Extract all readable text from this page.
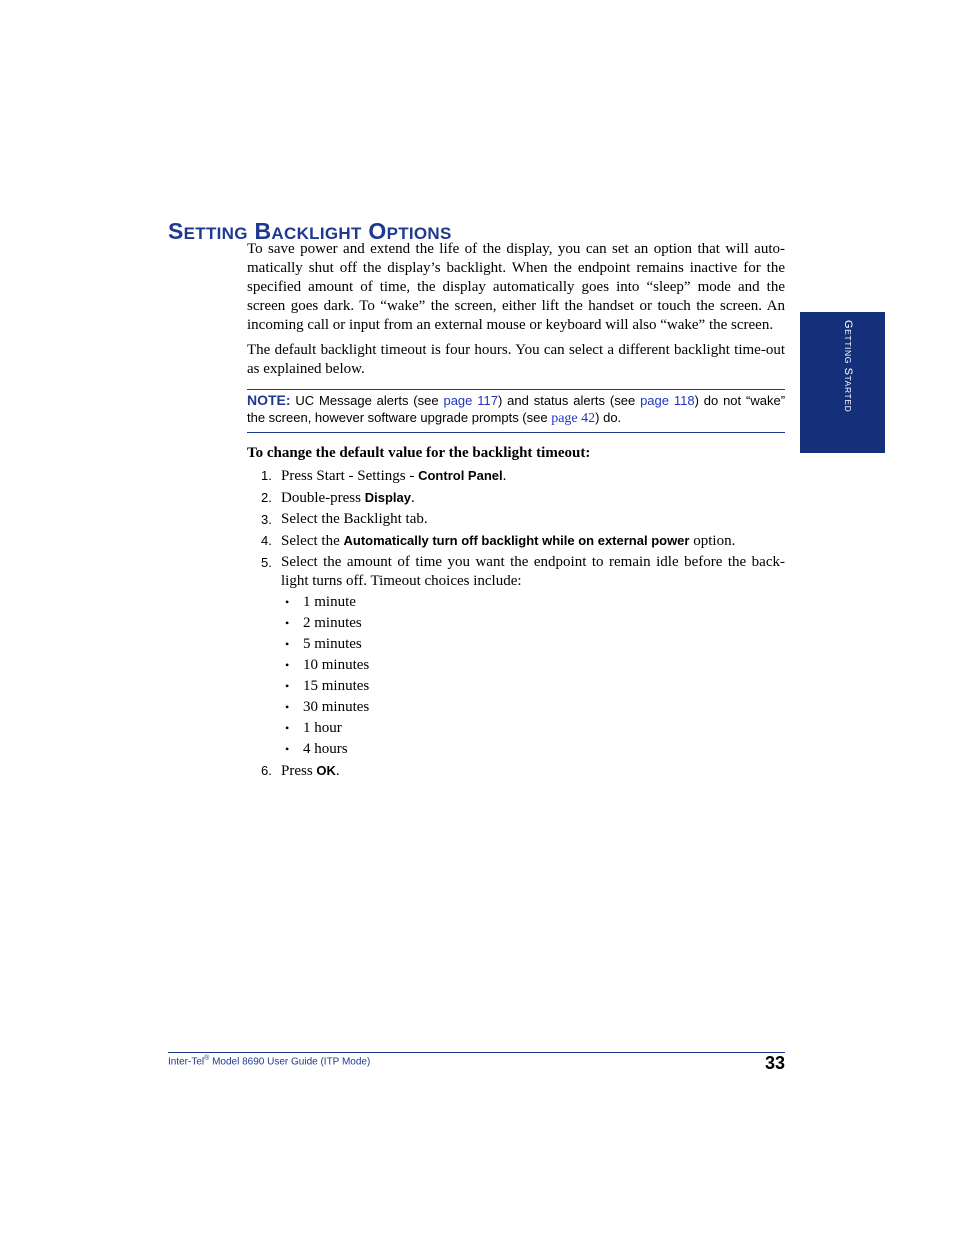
SETTING BACKLIGHT OPTIONS
GETTING STARTED

To save power and extend the life of the display, you can set an option that will auto-matically shut off the display’s backlight. When the endpoint remains inactive for the specified amount of time, the display automatically goes into “sleep” mode and the screen goes dark. To “wake” the screen, either lift the handset or touch the screen. An incoming call or input from an external mouse or keyboard will also “wake” the screen.

The default backlight timeout is four hours. You can select a different backlight time-out as explained below.

NOTE: UC Message alerts (see page 117) and status alerts (see page 118) do not “wake” the screen, however software upgrade prompts (see page 42) do.
To change the default value for the backlight timeout:
1. Press Start - Settings - Control Panel.
2. Double-press Display.
3. Select the Backlight tab.
4. Select the Automatically turn off backlight while on external power option.
5. Select the amount of time you want the endpoint to remain idle before the back-light turns off. Timeout choices include:
• 1 minute
• 2 minutes
• 5 minutes
• 10 minutes
• 15 minutes
• 30 minutes
• 1 hour
• 4 hours
6. Press OK.
Inter-Tel® Model 8690 User Guide (ITP Mode)	33
